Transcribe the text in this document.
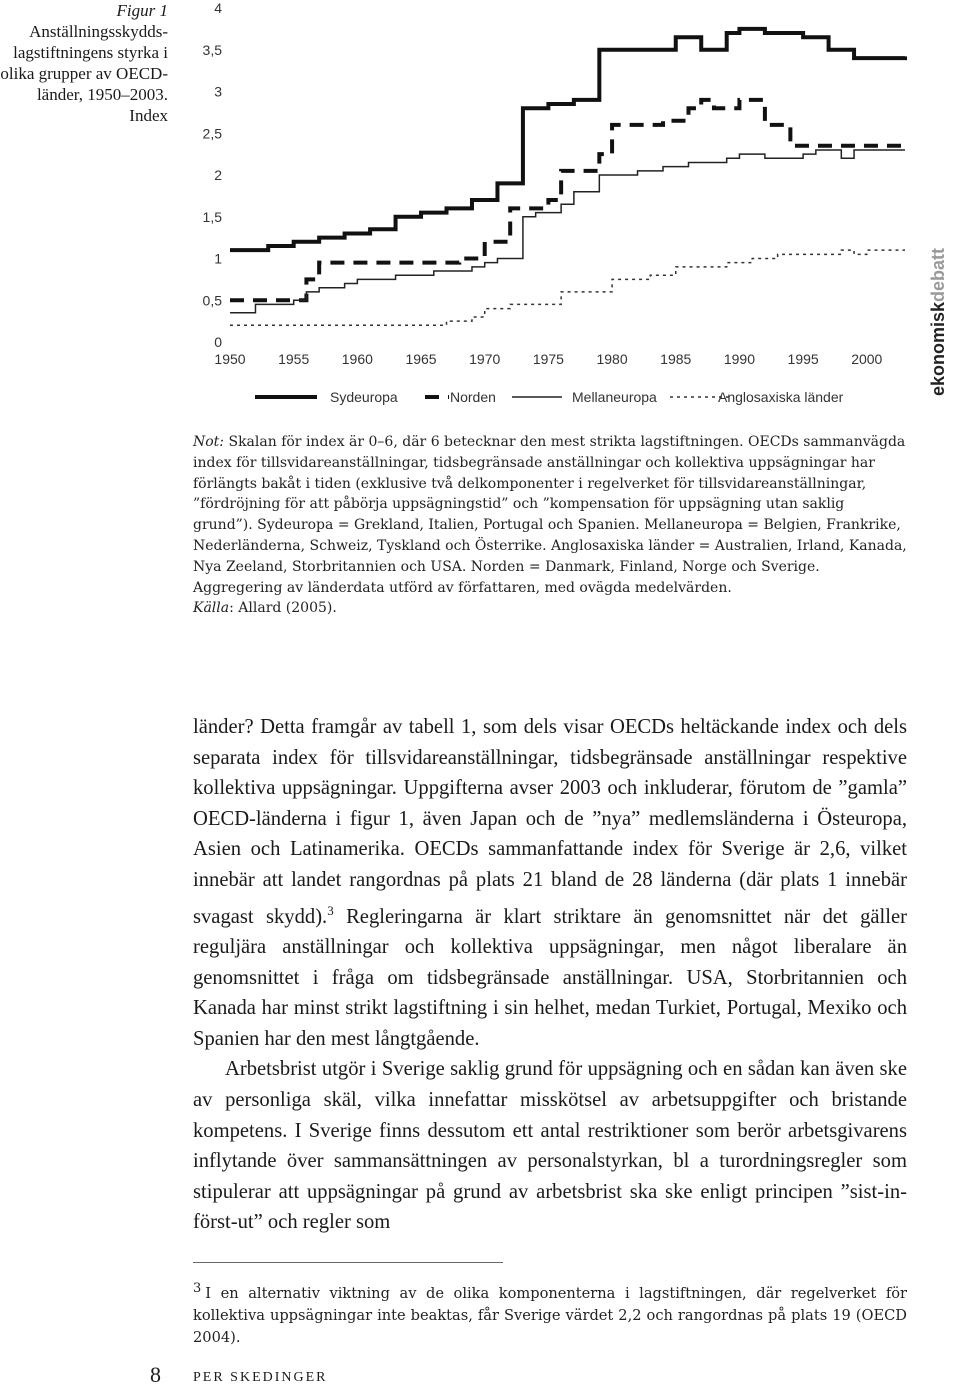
Figur 1
Anställningsskydds-lagstiftningens styrka i olika grupper av OECD-länder, 1950–2003. Index
0
0,5
1
1,5
2
2,5
3
3,5
4
1950 1955 1960 1965 1970 1975 1980 1985 1990 1995 2000
Sydeuropa	Norden	Mellaneuropa	Anglosaxiska länder
ekonomiskdebatt
Not: Skalan för index är 0–6, där 6 betecknar den mest strikta lagstiftningen. OECDs sammanvägda index för tillsvidareanställningar, tidsbegränsade anställningar och kollektiva uppsägningar har förlängts bakåt i tiden (exklusive två delkomponenter i regelverket för tillsvidareanställningar, ”fördröjning för att påbörja uppsägningstid” och ”kompensation för uppsägning utan saklig grund”). Sydeuropa = Grekland, Italien, Portugal och Spanien. Mellaneuropa = Belgien, Frankrike, Nederländerna, Schweiz, Tyskland och Österrike. Anglosaxiska länder = Australien, Irland, Kanada, Nya Zeeland, Storbritannien och USA. Norden = Danmark, Finland, Norge och Sverige. Aggregering av länderdata utförd av författaren, med ovägda medelvärden.
Källa: Allard (2005).

länder? Detta framgår av tabell 1, som dels visar OECDs heltäckande index och dels separata index för tillsvidareanställningar, tidsbegränsade anställningar respektive kollektiva uppsägningar. Uppgifterna avser 2003 och inkluderar, förutom de ”gamla” OECD-länderna i figur 1, även Japan och de ”nya” medlemsländerna i Östeuropa, Asien och Latinamerika. OECDs sammanfattande index för Sverige är 2,6, vilket innebär att landet rangordnas på plats 21 bland de 28 länderna (där plats 1 innebär svagast skydd).$^3$ Regleringarna är klart striktare än genomsnittet när det gäller reguljära anställningar och kollektiva uppsägningar, men något liberalare än genomsnittet i fråga om tidsbegränsade anställningar. USA, Storbritannien och Kanada har minst strikt lagstiftning i sin helhet, medan Turkiet, Portugal, Mexiko och Spanien har den mest långtgående.

Arbetsbrist utgör i Sverige saklig grund för uppsägning och en sådan kan även ske av personliga skäl, vilka innefattar misskötsel av arbetsuppgifter och bristande kompetens. I Sverige finns dessutom ett antal restriktioner som berör arbetsgivarens inflytande över sammansättningen av personalstyrkan, bl a turordningsregler som stipulerar att uppsägningar på grund av arbetsbrist ska ske enligt principen ”sist-in-först-ut” och regler som

$^3$ I en alternativ viktning av de olika komponenterna i lagstiftningen, där regelverket för kollektiva uppsägningar inte beaktas, får Sverige värdet 2,2 och rangordnas på plats 19 (OECD 2004).
8 PER SKEDINGER
